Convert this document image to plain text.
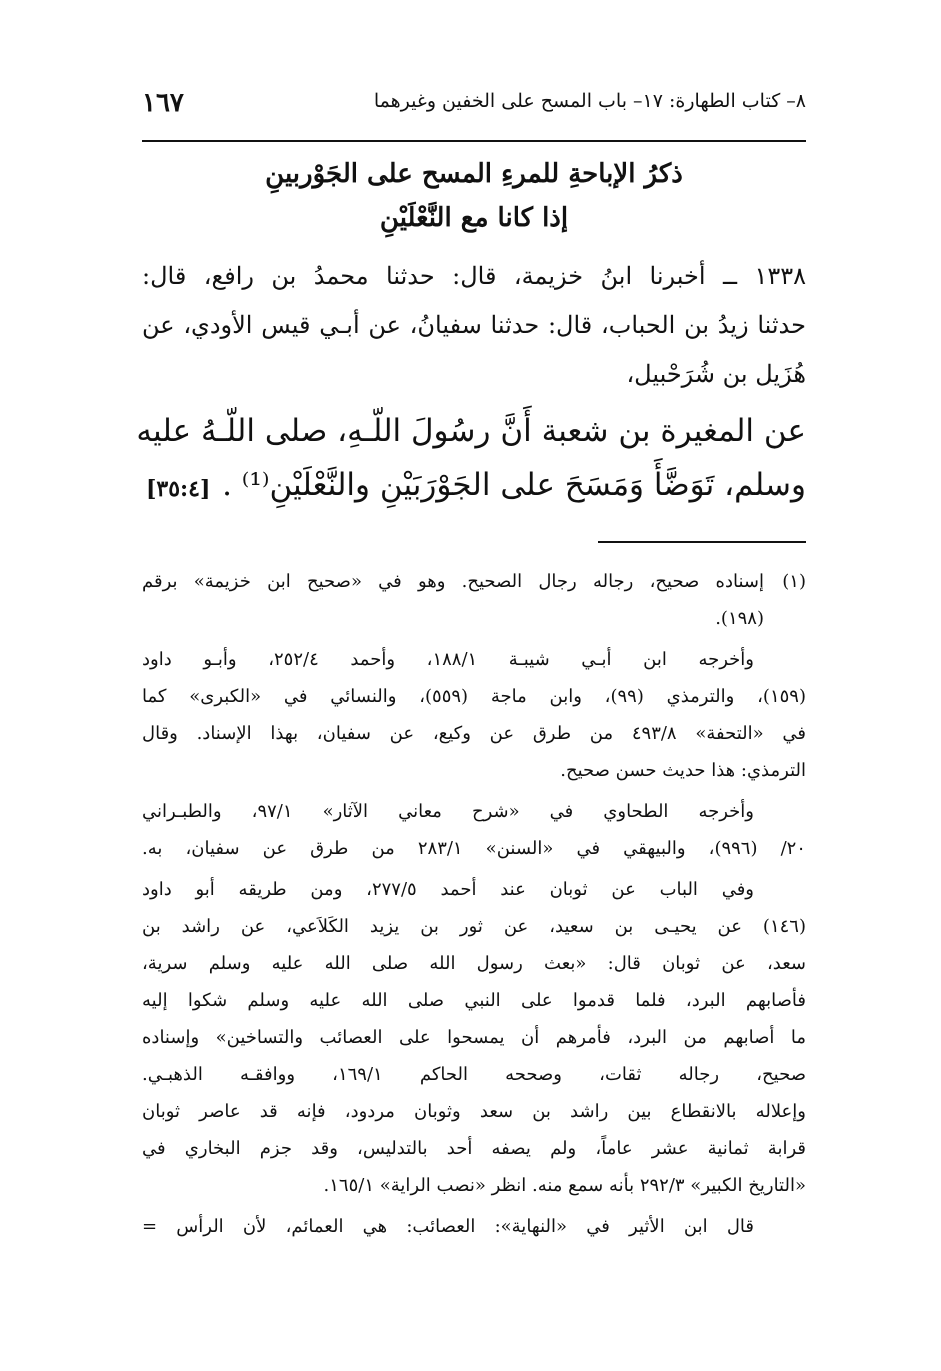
١٦٧	٨– كتاب الطهارة: ١٧– باب المسح على الخفين وغيرهما
ذكرُ الإباحةِ للمرءِ المسح على الجَوْربينِ
إذا كانا مع النَّعْلَيْنِ
١٣٣٨ ــ أخبرنا ابنُ خزيمة، قال: حدثنا محمدُ بن رافع، قال:
حدثنا زيدُ بن الحباب، قال: حدثنا سفيانُ، عن أبـي قيس الأودي، عن
هُزَيل بن شُرَحْبيل،
عن المغيرة بن شعبة أَنَّ رسُولَ اللّـهِ، صلى اللّـهُ عليه
وسلم، تَوَضَّأَ وَمَسَحَ على الجَوْرَبَيْنِ والنَّعْلَيْنِ⁽¹⁾ .
[٣٥:٤]
(١)
إسناده صحيح، رجاله رجال الصحيح. وهو في «صحيح ابن خزيمة» برقم
(١٩٨).
وأخرجه ابن أبـي شيبـة ١٨٨/١، وأحمد ٢٥٢/٤، وأبـو داود
(١٥٩)، والترمذي (٩٩)، وابن ماجة (٥٥٩)، والنسائي في «الكبرى» كما
في «التحفة» ٤٩٣/٨ من طرق عن وكيع، عن سفيان، بهذا الإسناد. وقال
الترمذي: هذا حديث حسن صحيح.
وأخرجه الطحاوي في «شرح معاني الآثار» ٩٧/١، والطبـراني
٢٠/ (٩٩٦)، والبيهقي في «السنن» ٢٨٣/١ من طرق عن سفيان، به.
وفي الباب عن ثوبان عند أحمد ٢٧٧/٥، ومن طريقه أبو داود
(١٤٦) عن يحيـى بن سعيد، عن ثور بن يزيد الكَلاَعي، عن راشد بن
سعد، عن ثوبان قال: «بعث رسول الله صلى الله عليه وسلم سرية،
فأصابهم البرد، فلما قدموا على النبي صلى الله عليه وسلم شكوا إليه
ما أصابهم من البرد، فأمرهم أن يمسحوا على العصائب والتساخين» وإسناده
صحيح، رجاله ثقات، وصححه الحاكم ١٦٩/١، ووافقـه الذهبـي.
وإعلاله بالانقطاع بين راشد بن سعد وثوبان مردود، فإنه قد عاصر ثوبان
قرابة ثمانية عشر عاماً، ولم يصفه أحد بالتدليس، وقد جزم البخاري في
«التاريخ الكبير» ٢٩٢/٣ بأنه سمع منه. انظر «نصب الراية» ١٦٥/١.
قال ابن الأثير في «النهاية»: العصائب: هي العمائم، لأن الرأس =
